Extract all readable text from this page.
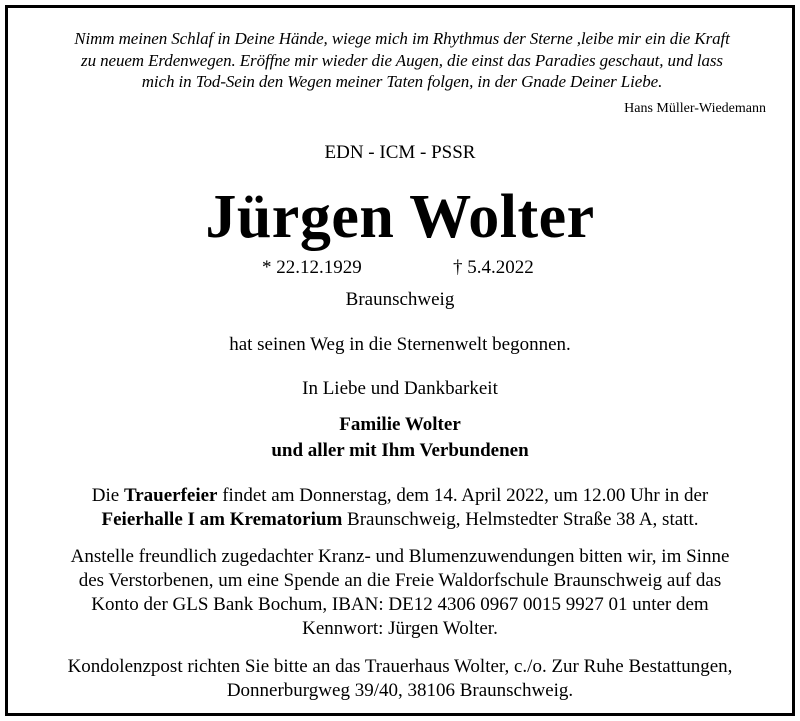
Nimm meinen Schlaf in Deine Hände, wiege mich im Rhythmus der Sterne ,leibe mir ein die Kraft
zu neuem Erdenwegen. Eröffne mir wieder die Augen, die einst das Paradies geschaut, und lass
mich in Tod-Sein den Wegen meiner Taten folgen, in der Gnade Deiner Liebe.
Hans Müller-Wiedemann
EDN - ICM - PSSR
Jürgen Wolter
* 22.12.1929	† 5.4.2022
Braunschweig
hat seinen Weg in die Sternenwelt begonnen.
In Liebe und Dankbarkeit
Familie Wolter
und aller mit Ihm Verbundenen
Die Trauerfeier findet am Donnerstag, dem 14. April 2022, um 12.00 Uhr in der
Feierhalle I am Krematorium Braunschweig, Helmstedter Straße 38 A, statt.
Anstelle freundlich zugedachter Kranz- und Blumenzuwendungen bitten wir, im Sinne
des Verstorbenen, um eine Spende an die Freie Waldorfschule Braunschweig auf das
Konto der GLS Bank Bochum, IBAN: DE12 4306 0967 0015 9927 01 unter dem
Kennwort: Jürgen Wolter.
Kondolenzpost richten Sie bitte an das Trauerhaus Wolter, c./o. Zur Ruhe Bestattungen,
Donnerburgweg 39/40, 38106 Braunschweig.
